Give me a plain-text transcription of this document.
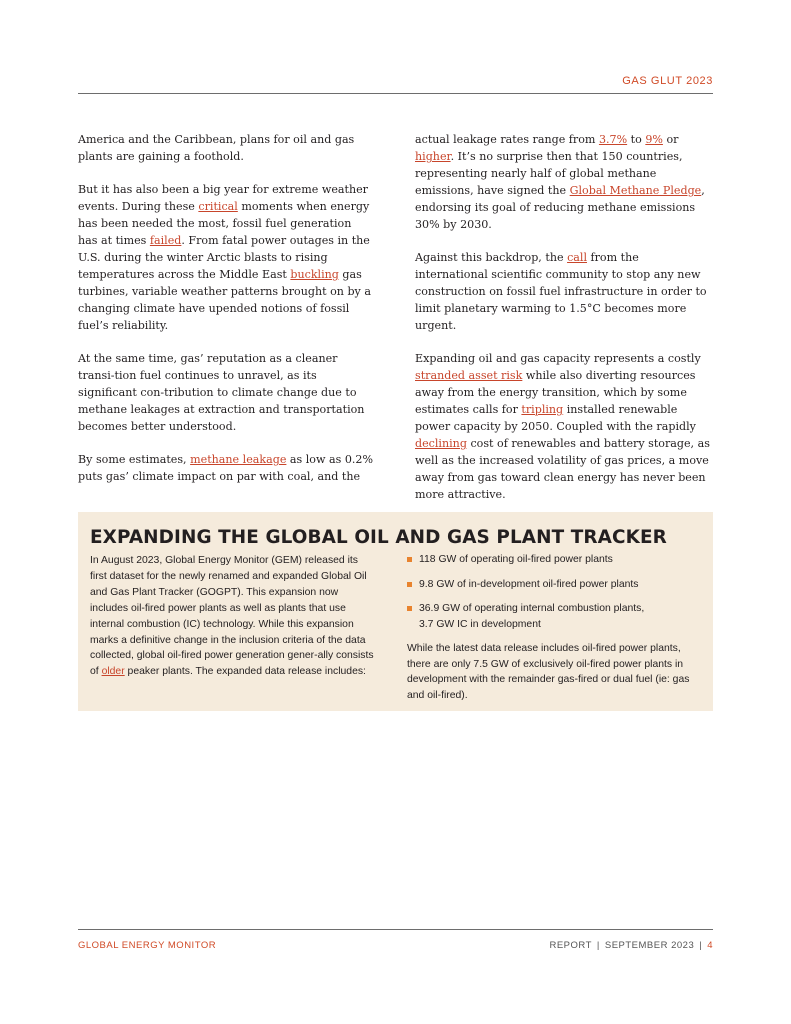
GAS GLUT 2023

America and the Caribbean, plans for oil and gas plants are gaining a foothold.

But it has also been a big year for extreme weather events. During these critical moments when energy has been needed the most, fossil fuel generation has at times failed. From fatal power outages in the U.S. during the winter Arctic blasts to rising temperatures across the Middle East buckling gas turbines, variable weather patterns brought on by a changing climate have upended notions of fossil fuel’s reliability.

At the same time, gas’ reputation as a cleaner transi-tion fuel continues to unravel, as its significant con-tribution to climate change due to methane leakages at extraction and transportation becomes better understood.

By some estimates, methane leakage as low as 0.2% puts gas’ climate impact on par with coal, and the

actual leakage rates range from 3.7% to 9% or higher. It’s no surprise then that 150 countries, representing nearly half of global methane emissions, have signed the Global Methane Pledge, endorsing its goal of reducing methane emissions 30% by 2030.

Against this backdrop, the call from the international scientific community to stop any new construction on fossil fuel infrastructure in order to limit planetary warming to 1.5°C becomes more urgent.

Expanding oil and gas capacity represents a costly stranded asset risk while also diverting resources away from the energy transition, which by some estimates calls for tripling installed renewable power capacity by 2050. Coupled with the rapidly declining cost of renewables and battery storage, as well as the increased volatility of gas prices, a move away from gas toward clean energy has never been more attractive.

EXPANDING THE GLOBAL OIL AND GAS PLANT TRACKER
In August 2023, Global Energy Monitor (GEM) released its first dataset for the newly renamed and expanded Global Oil and Gas Plant Tracker (GOGPT). This expansion now includes oil-fired power plants as well as plants that use internal combustion (IC) technology. While this expansion marks a definitive change in the inclusion criteria of the data collected, global oil-fired power generation gener-ally consists of older peaker plants. The expanded data release includes:
118 GW of operating oil-fired power plants
9.8 GW of in-development oil-fired power plants
36.9 GW of operating internal combustion plants, 3.7 GW IC in development

While the latest data release includes oil-fired power plants, there are only 7.5 GW of exclusively oil-fired power plants in development with the remainder gas-fired or dual fuel (ie: gas and oil-fired).

GLOBAL ENERGY MONITOR	REPORT | SEPTEMBER 2023 | 4
